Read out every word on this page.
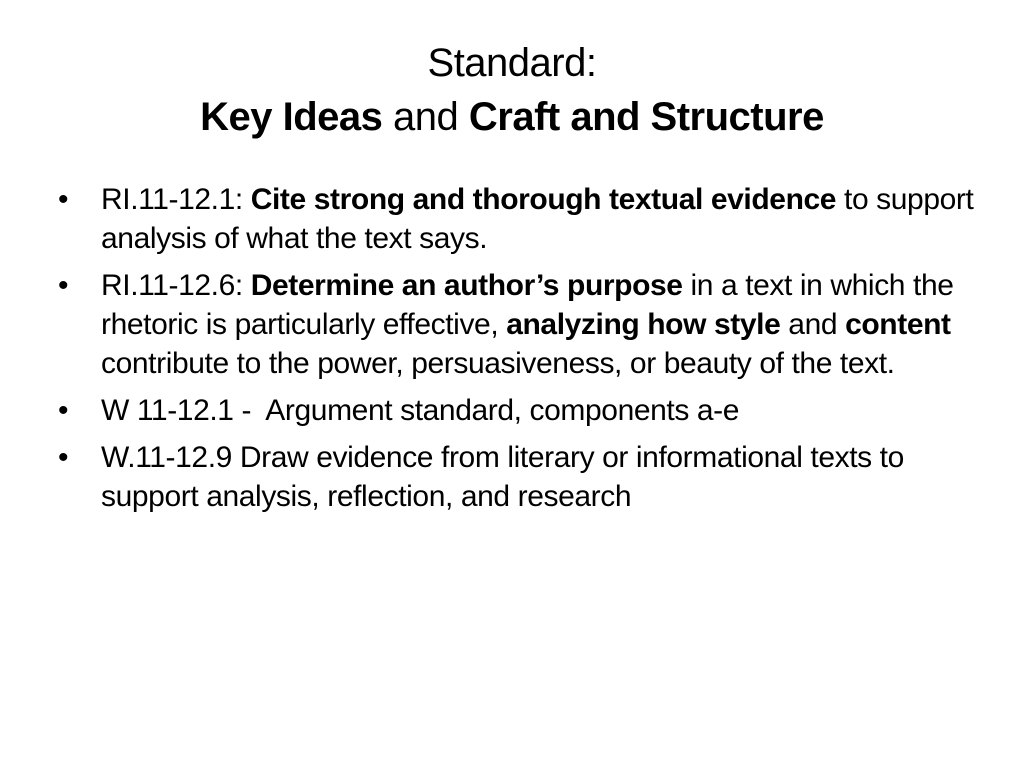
Standard:
Key Ideas and Craft and Structure
•	RI.11-12.1: Cite strong and thorough textual evidence to support analysis of what the text says.
•	RI.11-12.6: Determine an author’s purpose in a text in which the rhetoric is particularly effective, analyzing how style and content contribute to the power, persuasiveness, or beauty of the text.
•	W 11-12.1 -  Argument standard, components a-e
•	W.11-12.9 Draw evidence from literary or informational texts to support analysis, reflection, and research
